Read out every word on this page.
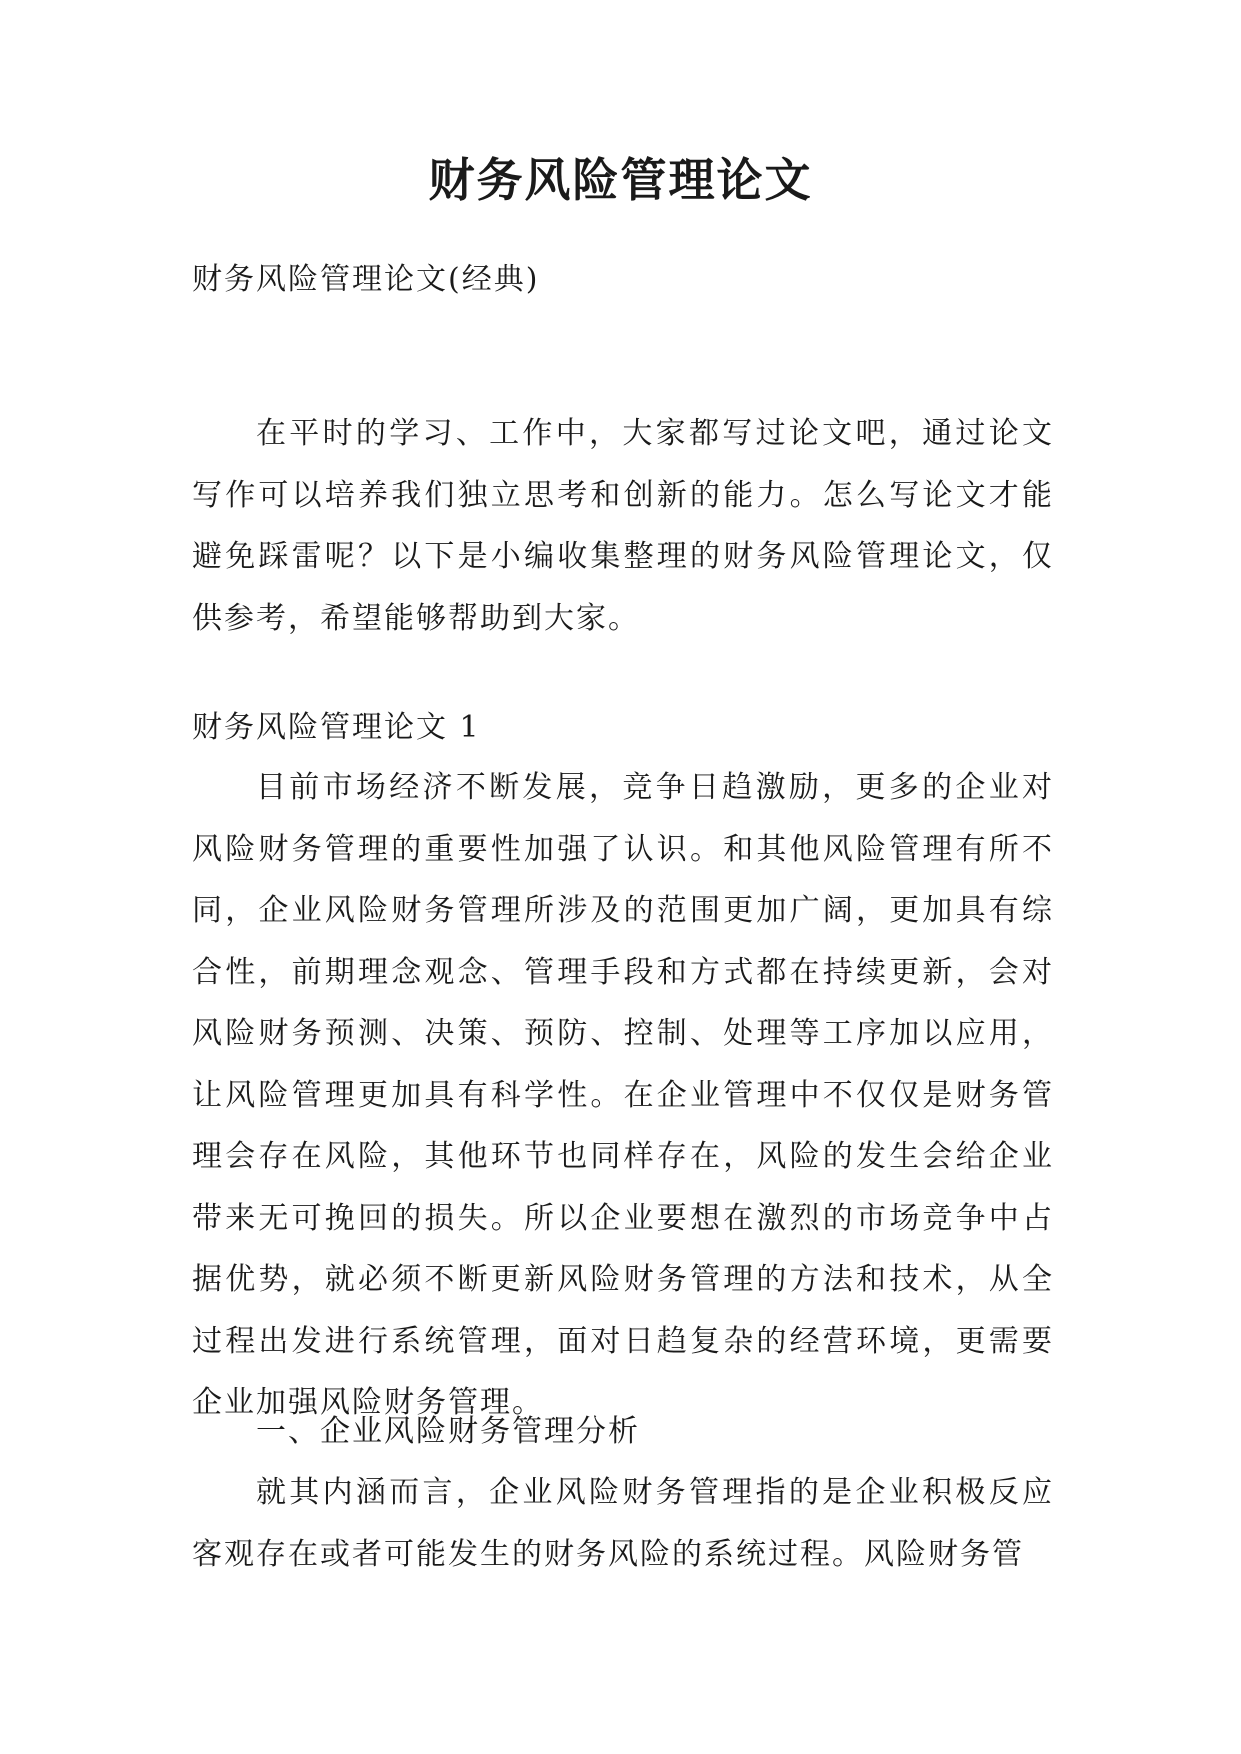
财务风险管理论文

财务风险管理论文(经典)

在平时的学习、工作中，大家都写过论文吧，通过论文写作可以培养我们独立思考和创新的能力。怎么写论文才能避免踩雷呢？以下是小编收集整理的财务风险管理论文，仅供参考，希望能够帮助到大家。

财务风险管理论文 1

目前市场经济不断发展，竞争日趋激励，更多的企业对风险财务管理的重要性加强了认识。和其他风险管理有所不同，企业风险财务管理所涉及的范围更加广阔，更加具有综合性，前期理念观念、管理手段和方式都在持续更新，会对风险财务预测、决策、预防、控制、处理等工序加以应用，让风险管理更加具有科学性。在企业管理中不仅仅是财务管理会存在风险，其他环节也同样存在，风险的发生会给企业带来无可挽回的损失。所以企业要想在激烈的市场竞争中占据优势，就必须不断更新风险财务管理的方法和技术，从全过程出发进行系统管理，面对日趋复杂的经营环境，更需要企业加强风险财务管理。

一、企业风险财务管理分析

就其内涵而言，企业风险财务管理指的是企业积极反应客观存在或者可能发生的财务风险的系统过程。风险财务管
